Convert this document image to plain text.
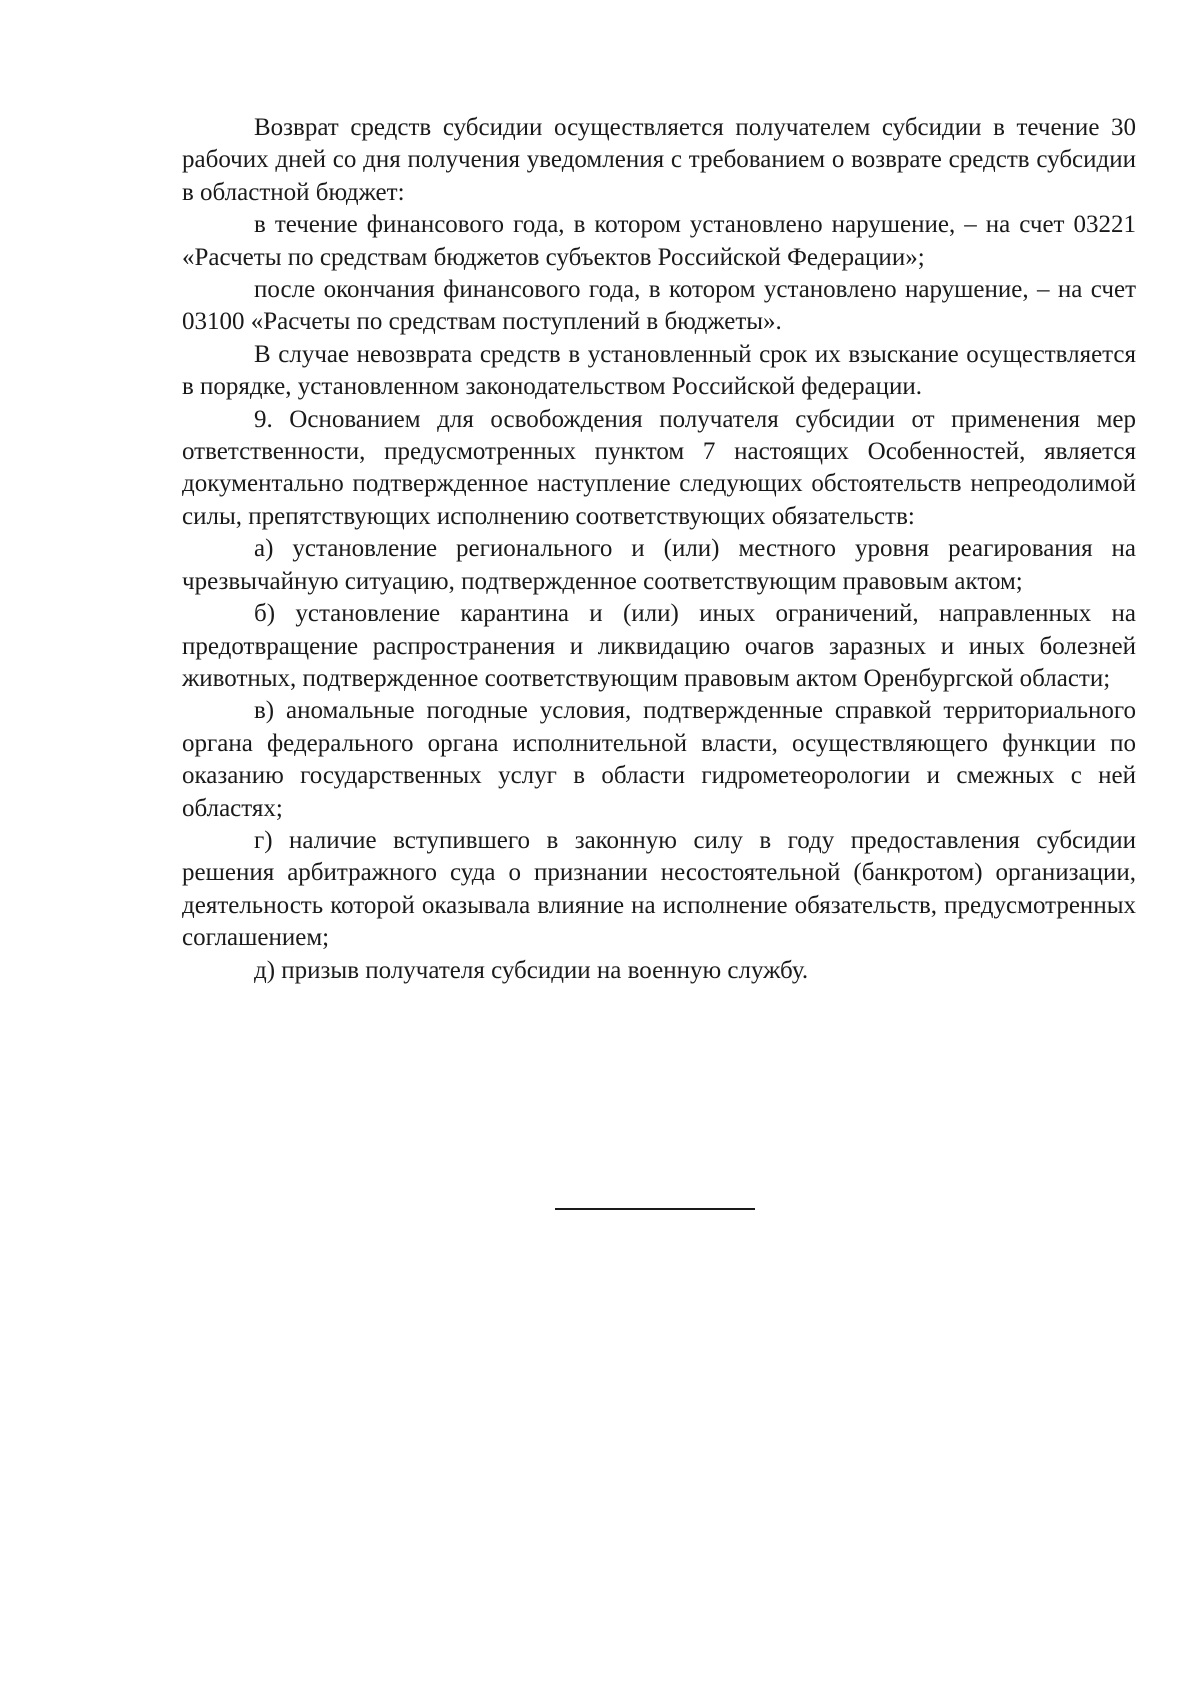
Возврат средств субсидии осуществляется получателем субсидии в течение 30 рабочих дней со дня получения уведомления с требованием о возврате средств субсидии в областной бюджет:

в течение финансового года, в котором установлено нарушение, – на счет 03221 «Расчеты по средствам бюджетов субъектов Российской Федерации»;

после окончания финансового года, в котором установлено нарушение, – на счет 03100 «Расчеты по средствам поступлений в бюджеты».

В случае невозврата средств в установленный срок их взыскание осуществляется в порядке, установленном законодательством Российской федерации.

9. Основанием для освобождения получателя субсидии от применения мер ответственности, предусмотренных пунктом 7 настоящих Особенностей, является документально подтвержденное наступление следующих обстоятельств непреодолимой силы, препятствующих исполнению соответствующих обязательств:

а) установление регионального и (или) местного уровня реагирования на чрезвычайную ситуацию, подтвержденное соответствующим правовым актом;

б) установление карантина и (или) иных ограничений, направленных на предотвращение распространения и ликвидацию очагов заразных и иных болезней животных, подтвержденное соответствующим правовым актом Оренбургской области;

в) аномальные погодные условия, подтвержденные справкой территориального органа федерального органа исполнительной власти, осуществляющего функции по оказанию государственных услуг в области гидрометеорологии и смежных с ней областях;

г) наличие вступившего в законную силу в году предоставления субсидии решения арбитражного суда о признании несостоятельной (банкротом) организации, деятельность которой оказывала влияние на исполнение обязательств, предусмотренных соглашением;

д) призыв получателя субсидии на военную службу.
